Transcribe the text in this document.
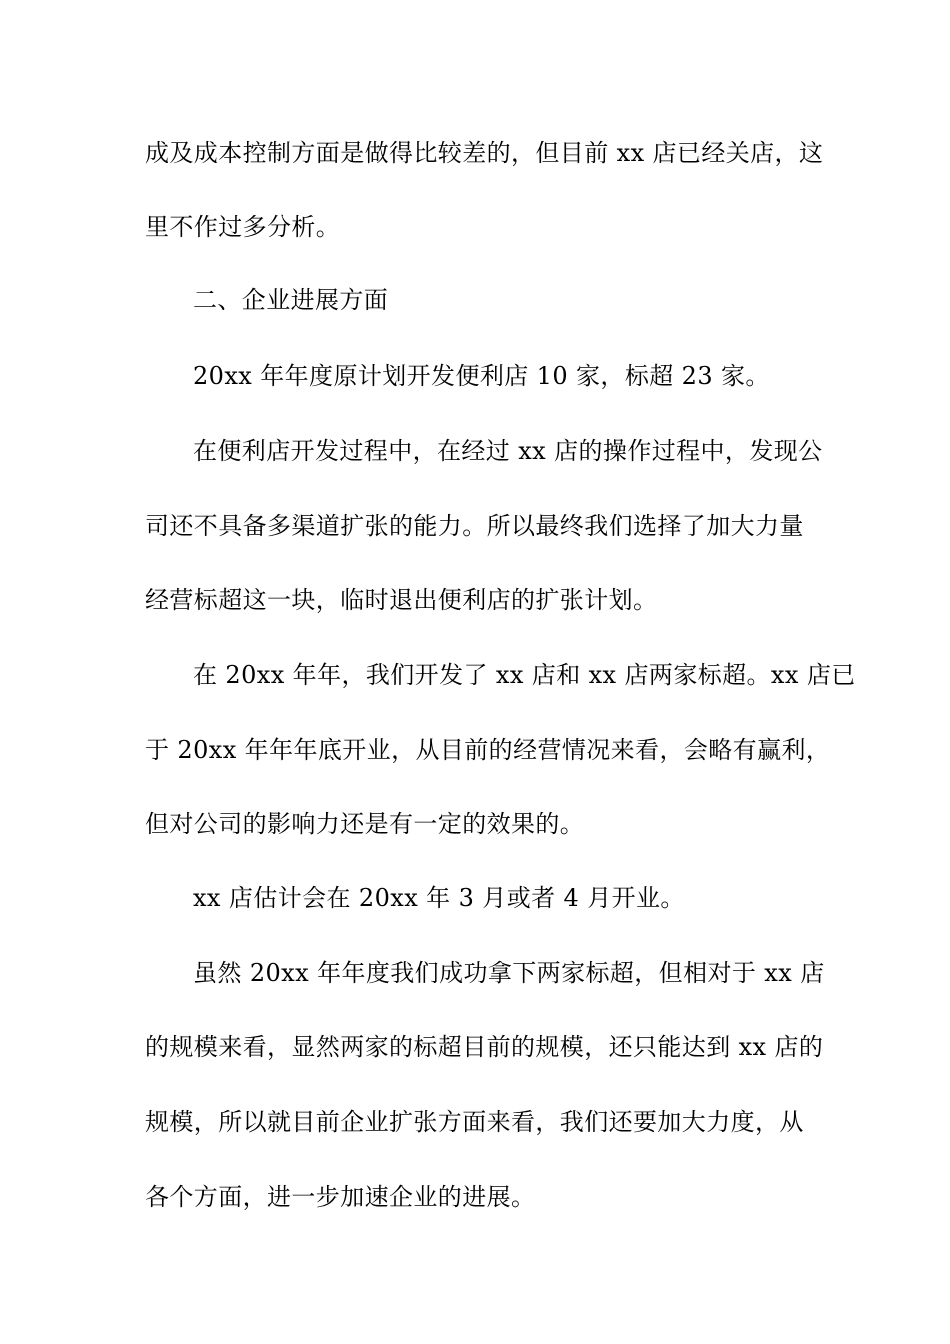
成及成本控制方面是做得比较差的，但目前 xx 店已经关店，这
里不作过多分析。
二、企业进展方面
20xx 年年度原计划开发便利店 10 家，标超 23 家。
在便利店开发过程中，在经过 xx 店的操作过程中，发现公
司还不具备多渠道扩张的能力。所以最终我们选择了加大力量
经营标超这一块，临时退出便利店的扩张计划。
在 20xx 年年，我们开发了 xx 店和 xx 店两家标超。xx 店已
于 20xx 年年年底开业，从目前的经营情况来看，会略有赢利，
但对公司的影响力还是有一定的效果的。
xx 店估计会在 20xx 年 3 月或者 4 月开业。
虽然 20xx 年年度我们成功拿下两家标超，但相对于 xx 店
的规模来看，显然两家的标超目前的规模，还只能达到 xx 店的
规模，所以就目前企业扩张方面来看，我们还要加大力度，从
各个方面，进一步加速企业的进展。
